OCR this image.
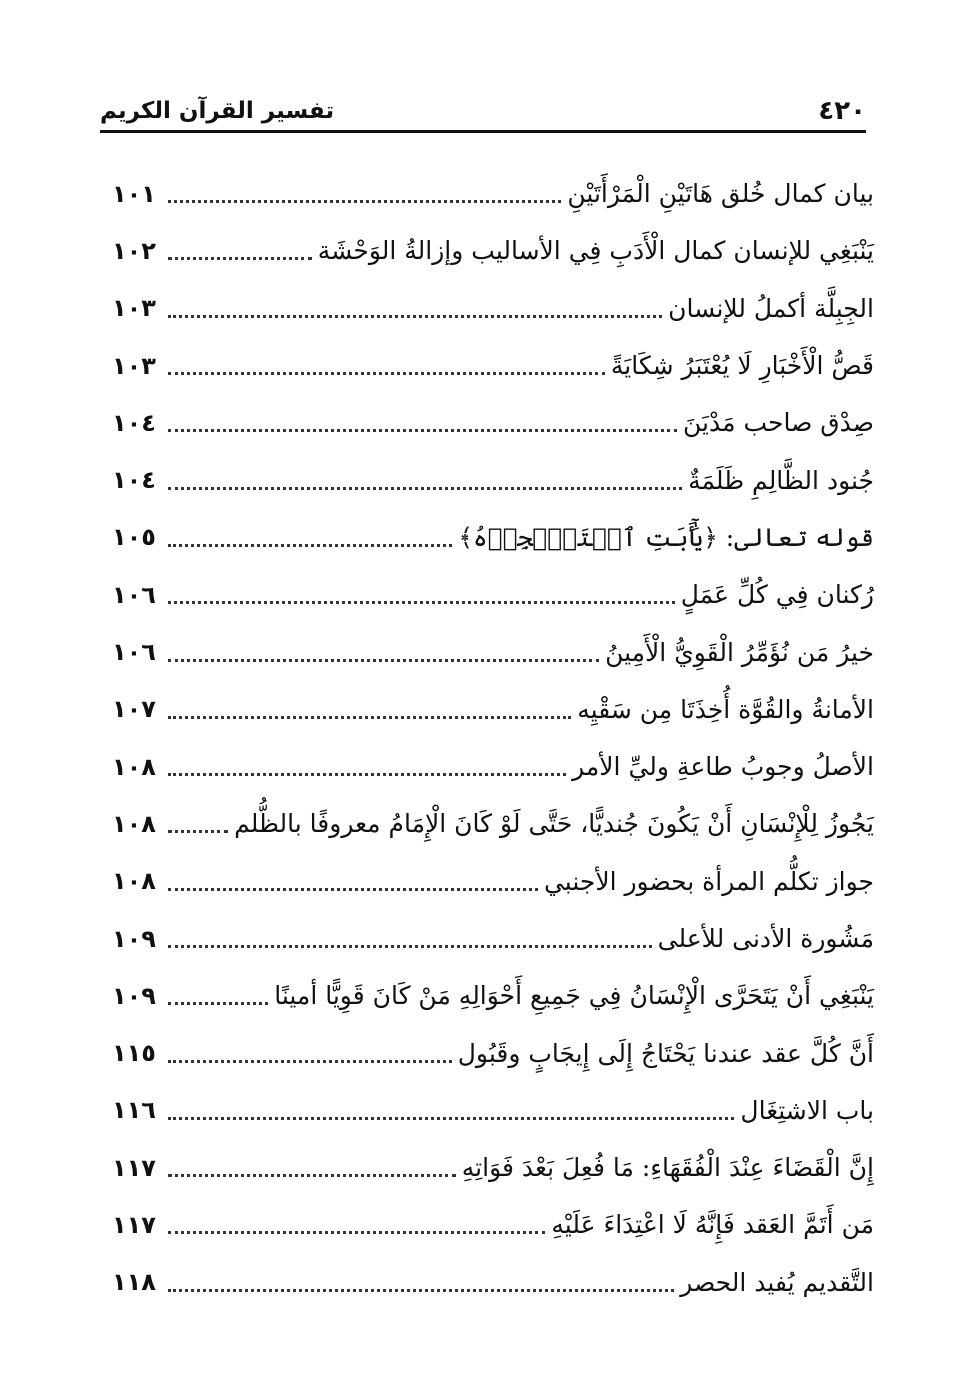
٤٢٠
تفسير القرآن الكريم
١٠١	بيان كمال خُلق هَاتَيْنِ الْمَرْأَتَيْنِ
١٠٢	يَنْبَغِي للإنسان كمال الْأَدَبِ فِي الأساليب وإزالةُ الوَحْشَة
١٠٣	الجِبِلَّة أكملُ للإنسان
١٠٣	قَصُّ الْأَخْبَارِ لَا يُعْتَبَرُ شِكَايَةً
١٠٤	صِدْق صاحب مَدْيَنَ
١٠٤	جُنود الظَّالِمِ ظَلَمَةٌ
١٠٥	قوله تعالى: ﴿يَٰٓأَبَتِ ٱسۡتَـٔۡجِرۡهُ﴾
١٠٦	رُكنان فِي كُلِّ عَمَلٍ
١٠٦	خيرُ مَن نُؤَمِّرُ الْقَوِيُّ الْأَمِينُ
١٠٧	الأمانةُ والقُوَّة أُخِذَتَا مِن سَقْيِه
١٠٨	الأصلُ وجوبُ طاعةِ وليِّ الأمر
١٠٨	يَجُوزُ لِلْإِنْسَانِ أَنْ يَكُونَ جُنديًّا، حَتَّى لَوْ كَانَ الْإِمَامُ معروفًا بالظُّلم
١٠٨	جواز تكلُّم المرأة بحضور الأجنبي
١٠٩	مَشُورة الأدنى للأعلى
١٠٩	يَنْبَغِي أَنْ يَتَحَرَّى الْإِنْسَانُ فِي جَمِيعِ أَحْوَالِهِ مَنْ كَانَ قَوِيًّا أمينًا
١١٥	أَنَّ كُلَّ عقد عندنا يَحْتَاجُ إِلَى إِيجَابٍ وقَبُول
١١٦	باب الاشتِغَال
١١٧	إِنَّ الْقَضَاءَ عِنْدَ الْفُقَهَاءِ: مَا فُعِلَ بَعْدَ فَوَاتِهِ
١١٧	مَن أَتَمَّ العَقد فَإِنَّهُ لَا اعْتِدَاءَ عَلَيْهِ
١١٨	التَّقديم يُفيد الحصر
